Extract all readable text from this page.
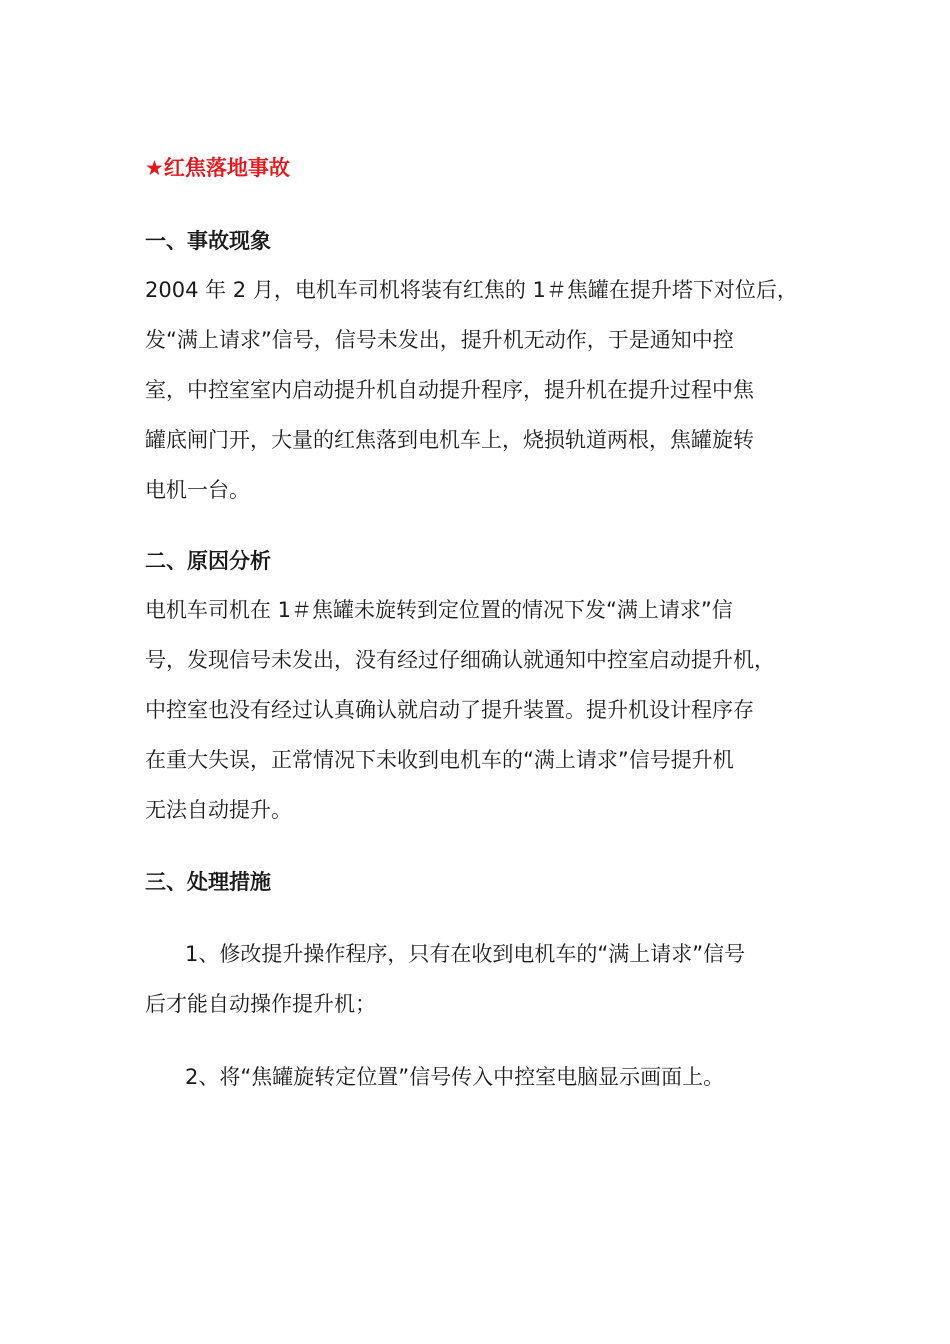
★红焦落地事故
一、事故现象
2004 年 2 月，电机车司机将装有红焦的 1＃焦罐在提升塔下对位后，
发“满上请求”信号，信号未发出，提升机无动作，于是通知中控
室，中控室室内启动提升机自动提升程序，提升机在提升过程中焦
罐底闸门开，大量的红焦落到电机车上，烧损轨道两根，焦罐旋转
电机一台。
二、原因分析
电机车司机在 1＃焦罐未旋转到定位置的情况下发“满上请求”信
号，发现信号未发出，没有经过仔细确认就通知中控室启动提升机，
中控室也没有经过认真确认就启动了提升装置。提升机设计程序存
在重大失误，正常情况下未收到电机车的“满上请求”信号提升机
无法自动提升。
三、处理措施
1、修改提升操作程序，只有在收到电机车的“满上请求”信号
后才能自动操作提升机；
2、将“焦罐旋转定位置”信号传入中控室电脑显示画面上。
